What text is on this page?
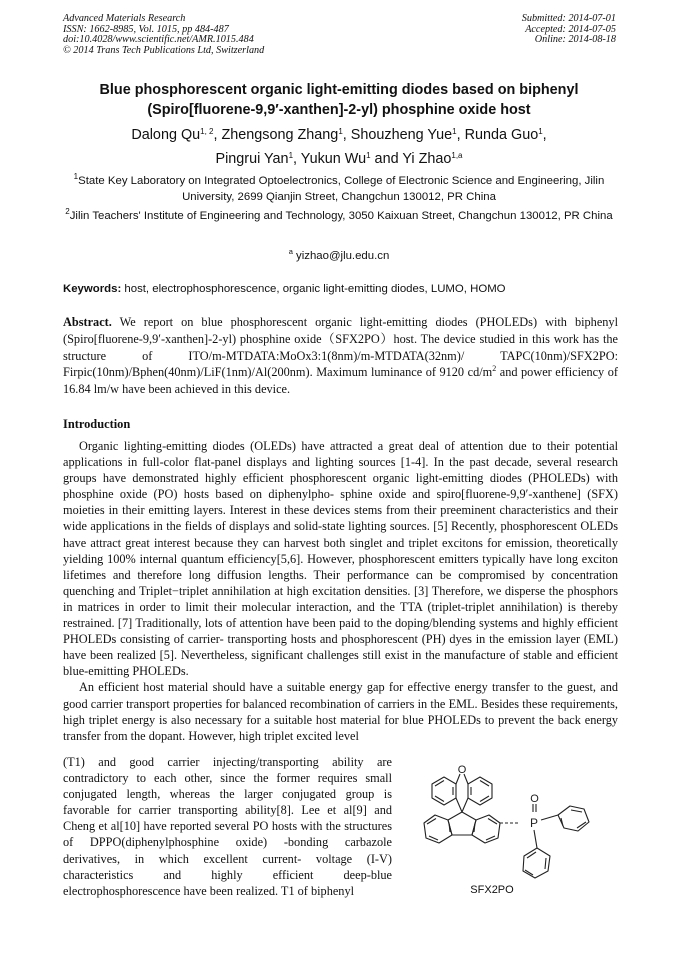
Advanced Materials Research
ISSN: 1662-8985, Vol. 1015, pp 484-487
doi:10.4028/www.scientific.net/AMR.1015.484
© 2014 Trans Tech Publications Ltd, Switzerland
Submitted: 2014-07-01
Accepted: 2014-07-05
Online: 2014-08-18
Blue phosphorescent organic light-emitting diodes based on biphenyl
(Spiro[fluorene-9,9′-xanthen]-2-yl) phosphine oxide host
Dalong Qu$^{1, 2}$, Zhengsong Zhang$^1$, Shouzheng Yue$^1$, Runda Guo$^1$,
Pingrui Yan$^1$, Yukun Wu$^1$ and Yi Zhao$^{1,a}$
$^1$State Key Laboratory on Integrated Optoelectronics, College of Electronic Science and Engineering, Jilin University, 2699 Qianjin Street, Changchun 130012, PR China
$^2$Jilin Teachers' Institute of Engineering and Technology, 3050 Kaixuan Street, Changchun 130012, PR China
$^a$ yizhao@jlu.edu.cn
Keywords: host, electrophosphorescence, organic light-emitting diodes, LUMO, HOMO
Abstract. We report on blue phosphorescent organic light-emitting diodes (PHOLEDs) with biphenyl (Spiro[fluorene-9,9′-xanthen]-2-yl) phosphine oxide（SFX2PO）host. The device studied in this work has the structure of ITO/m-MTDATA:MoOx3:1(8nm)/m-MTDATA(32nm)/ TAPC(10nm)/SFX2PO: Firpic(10nm)/Bphen(40nm)/LiF(1nm)/Al(200nm). Maximum luminance of 9120 $cd/m^2$ and power efficiency of 16.84 lm/w have been achieved in this device.
Introduction

Organic lighting-emitting diodes (OLEDs) have attracted a great deal of attention due to their potential applications in full-color flat-panel displays and lighting sources [1-4]. In the past decade, several research groups have demonstrated highly efficient phosphorescent organic light-emitting diodes (PHOLEDs) with phosphine oxide (PO) hosts based on diphenylpho- sphine oxide and spiro[fluorene-9,9′-xanthene] (SFX) moieties in their emitting layers. Interest in these devices stems from their preeminent characteristics and their wide applications in the fields of displays and solid-state lighting sources. [5] Recently, phosphorescent OLEDs have attract great interest because they can harvest both singlet and triplet excitons for emission, theoretically yielding 100% internal quantum efficiency[5,6]. However, phosphorescent emitters typically have long exciton lifetimes and therefore long diffusion lengths. Their performance can be compromised by concentration quenching and Triplet−triplet annihilation at high excitation densities. [3] Therefore, we disperse the phosphors in matrices in order to limit their molecular interaction, and the TTA (triplet-triplet annihilation) is thereby restrained. [7] Traditionally, lots of attention have been paid to the doping/blending systems and highly efficient PHOLEDs consisting of carrier- transporting hosts and phosphorescent (PH) dyes in the emission layer (EML) have been realized [5]. Nevertheless, significant challenges still exist in the manufacture of stable and efficient blue-emitting PHOLEDs.

An efficient host material should have a suitable energy gap for effective energy transfer to the guest, and good carrier transport properties for balanced recombination of carriers in the EML. Besides these requirements, high triplet energy is also necessary for a suitable host material for blue PHOLEDs to prevent the back energy transfer from the dopant. However, high triplet excited level

(T1) and good carrier injecting/transporting ability are contradictory to each other, since the former requires small conjugated length, whereas the larger conjugated group is favorable for carrier transporting ability[8]. Lee et al[9] and Cheng et al[10] have reported several PO hosts with the structures of DPPO(diphenylphosphine oxide) -bonding carbazole derivatives, in which excellent current- voltage (I-V) characteristics and highly efficient deep-blue electrophosphorescence have been realized. T1 of biphenyl
O
P
O
SFX2PO
